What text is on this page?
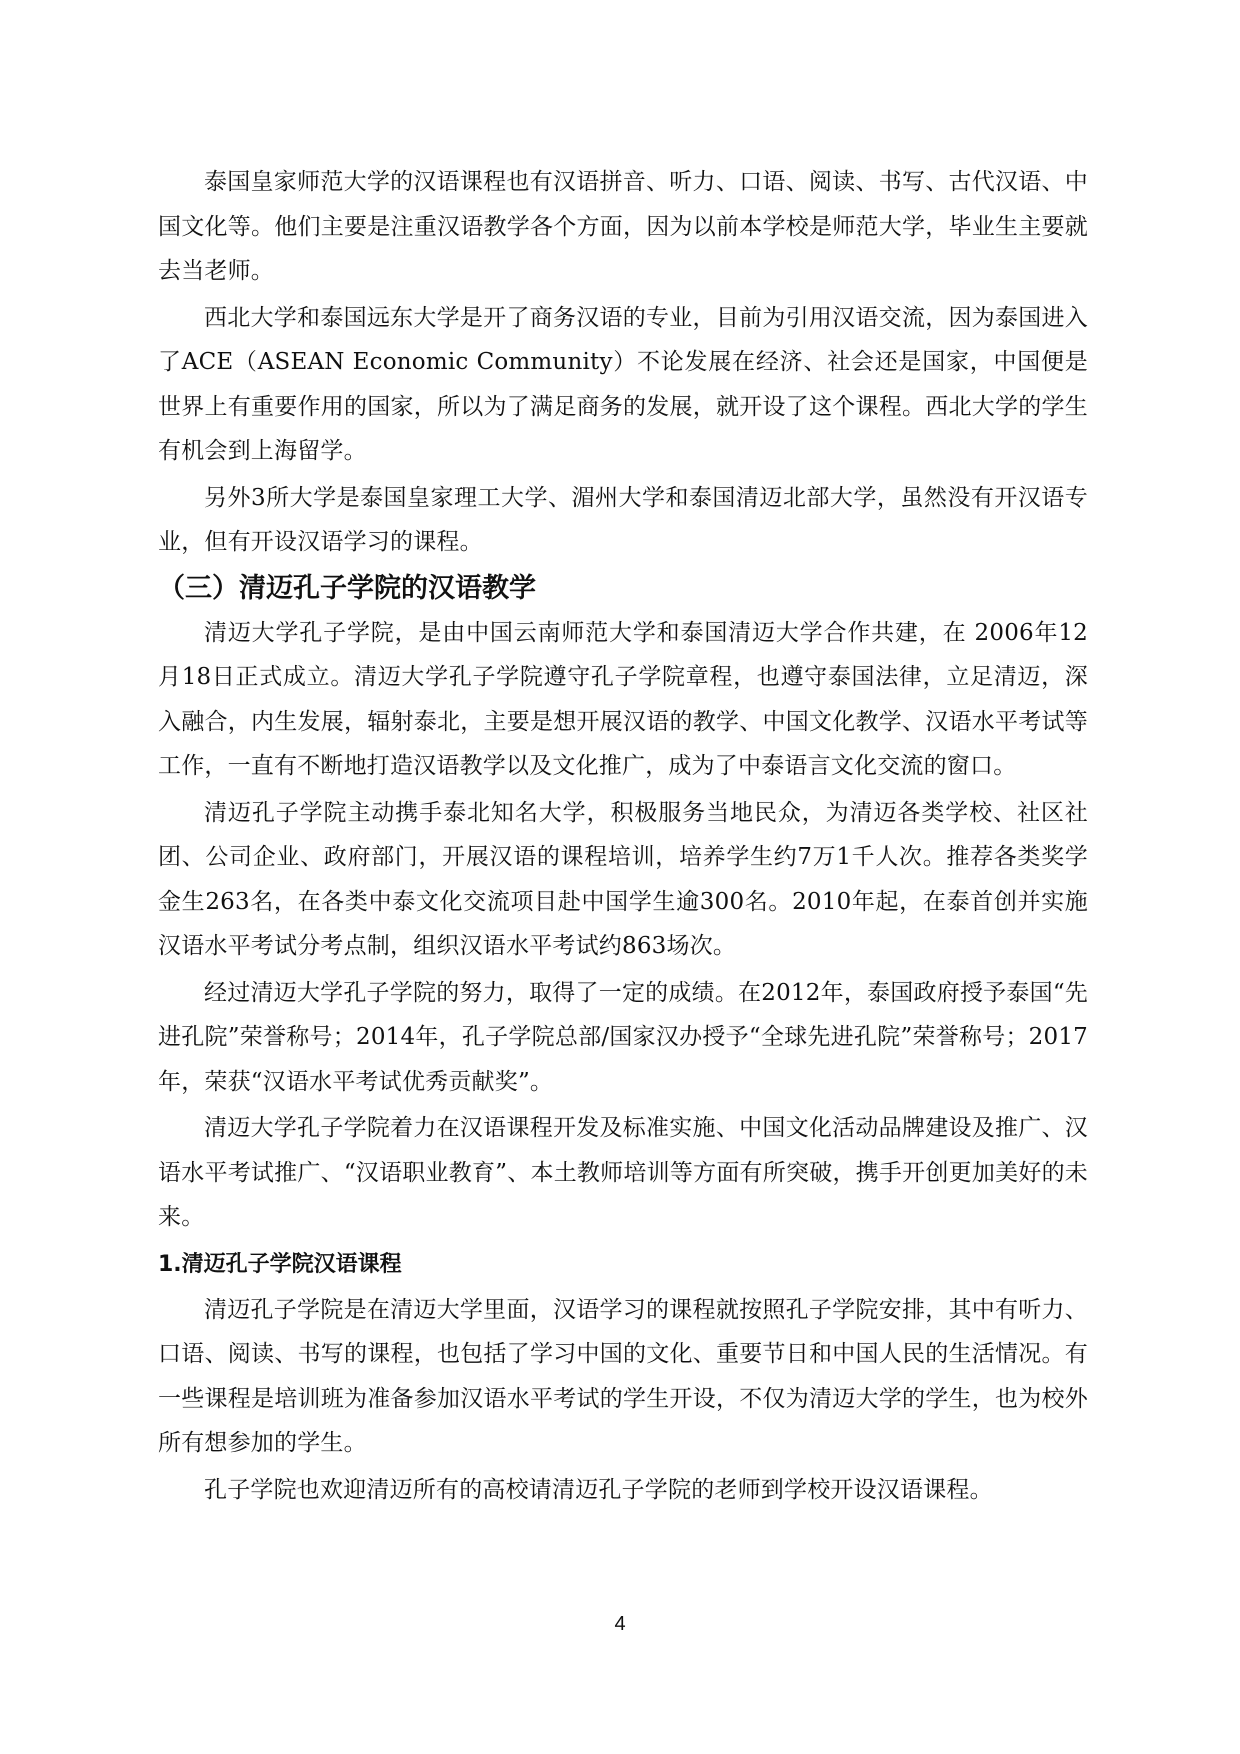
泰国皇家师范大学的汉语课程也有汉语拼音、听力、口语、阅读、书写、古代汉语、中国文化等。他们主要是注重汉语教学各个方面，因为以前本学校是师范大学，毕业生主要就去当老师。

西北大学和泰国远东大学是开了商务汉语的专业，目前为引用汉语交流，因为泰国进入了ACE（ASEAN Economic Community）不论发展在经济、社会还是国家，中国便是世界上有重要作用的国家，所以为了满足商务的发展，就开设了这个课程。西北大学的学生有机会到上海留学。

另外3所大学是泰国皇家理工大学、湄州大学和泰国清迈北部大学，虽然没有开汉语专业，但有开设汉语学习的课程。

（三）清迈孔子学院的汉语教学

清迈大学孔子学院，是由中国云南师范大学和泰国清迈大学合作共建，在 2006年12月18日正式成立。清迈大学孔子学院遵守孔子学院章程，也遵守泰国法律，立足清迈，深入融合，内生发展，辐射泰北，主要是想开展汉语的教学、中国文化教学、汉语水平考试等工作，一直有不断地打造汉语教学以及文化推广，成为了中泰语言文化交流的窗口。

清迈孔子学院主动携手泰北知名大学，积极服务当地民众，为清迈各类学校、社区社团、公司企业、政府部门，开展汉语的课程培训，培养学生约7万1千人次。推荐各类奖学金生263名，在各类中泰文化交流项目赴中国学生逾300名。2010年起，在泰首创并实施汉语水平考试分考点制，组织汉语水平考试约863场次。

经过清迈大学孔子学院的努力，取得了一定的成绩。在2012年，泰国政府授予泰国“先进孔院”荣誉称号；2014年，孔子学院总部/国家汉办授予“全球先进孔院”荣誉称号；2017年，荣获“汉语水平考试优秀贡献奖”。

清迈大学孔子学院着力在汉语课程开发及标准实施、中国文化活动品牌建设及推广、汉语水平考试推广、“汉语职业教育”、本土教师培训等方面有所突破，携手开创更加美好的未来。

1.清迈孔子学院汉语课程

清迈孔子学院是在清迈大学里面，汉语学习的课程就按照孔子学院安排，其中有听力、口语、阅读、书写的课程，也包括了学习中国的文化、重要节日和中国人民的生活情况。有一些课程是培训班为准备参加汉语水平考试的学生开设，不仅为清迈大学的学生，也为校外所有想参加的学生。

孔子学院也欢迎清迈所有的高校请清迈孔子学院的老师到学校开设汉语课程。

4
